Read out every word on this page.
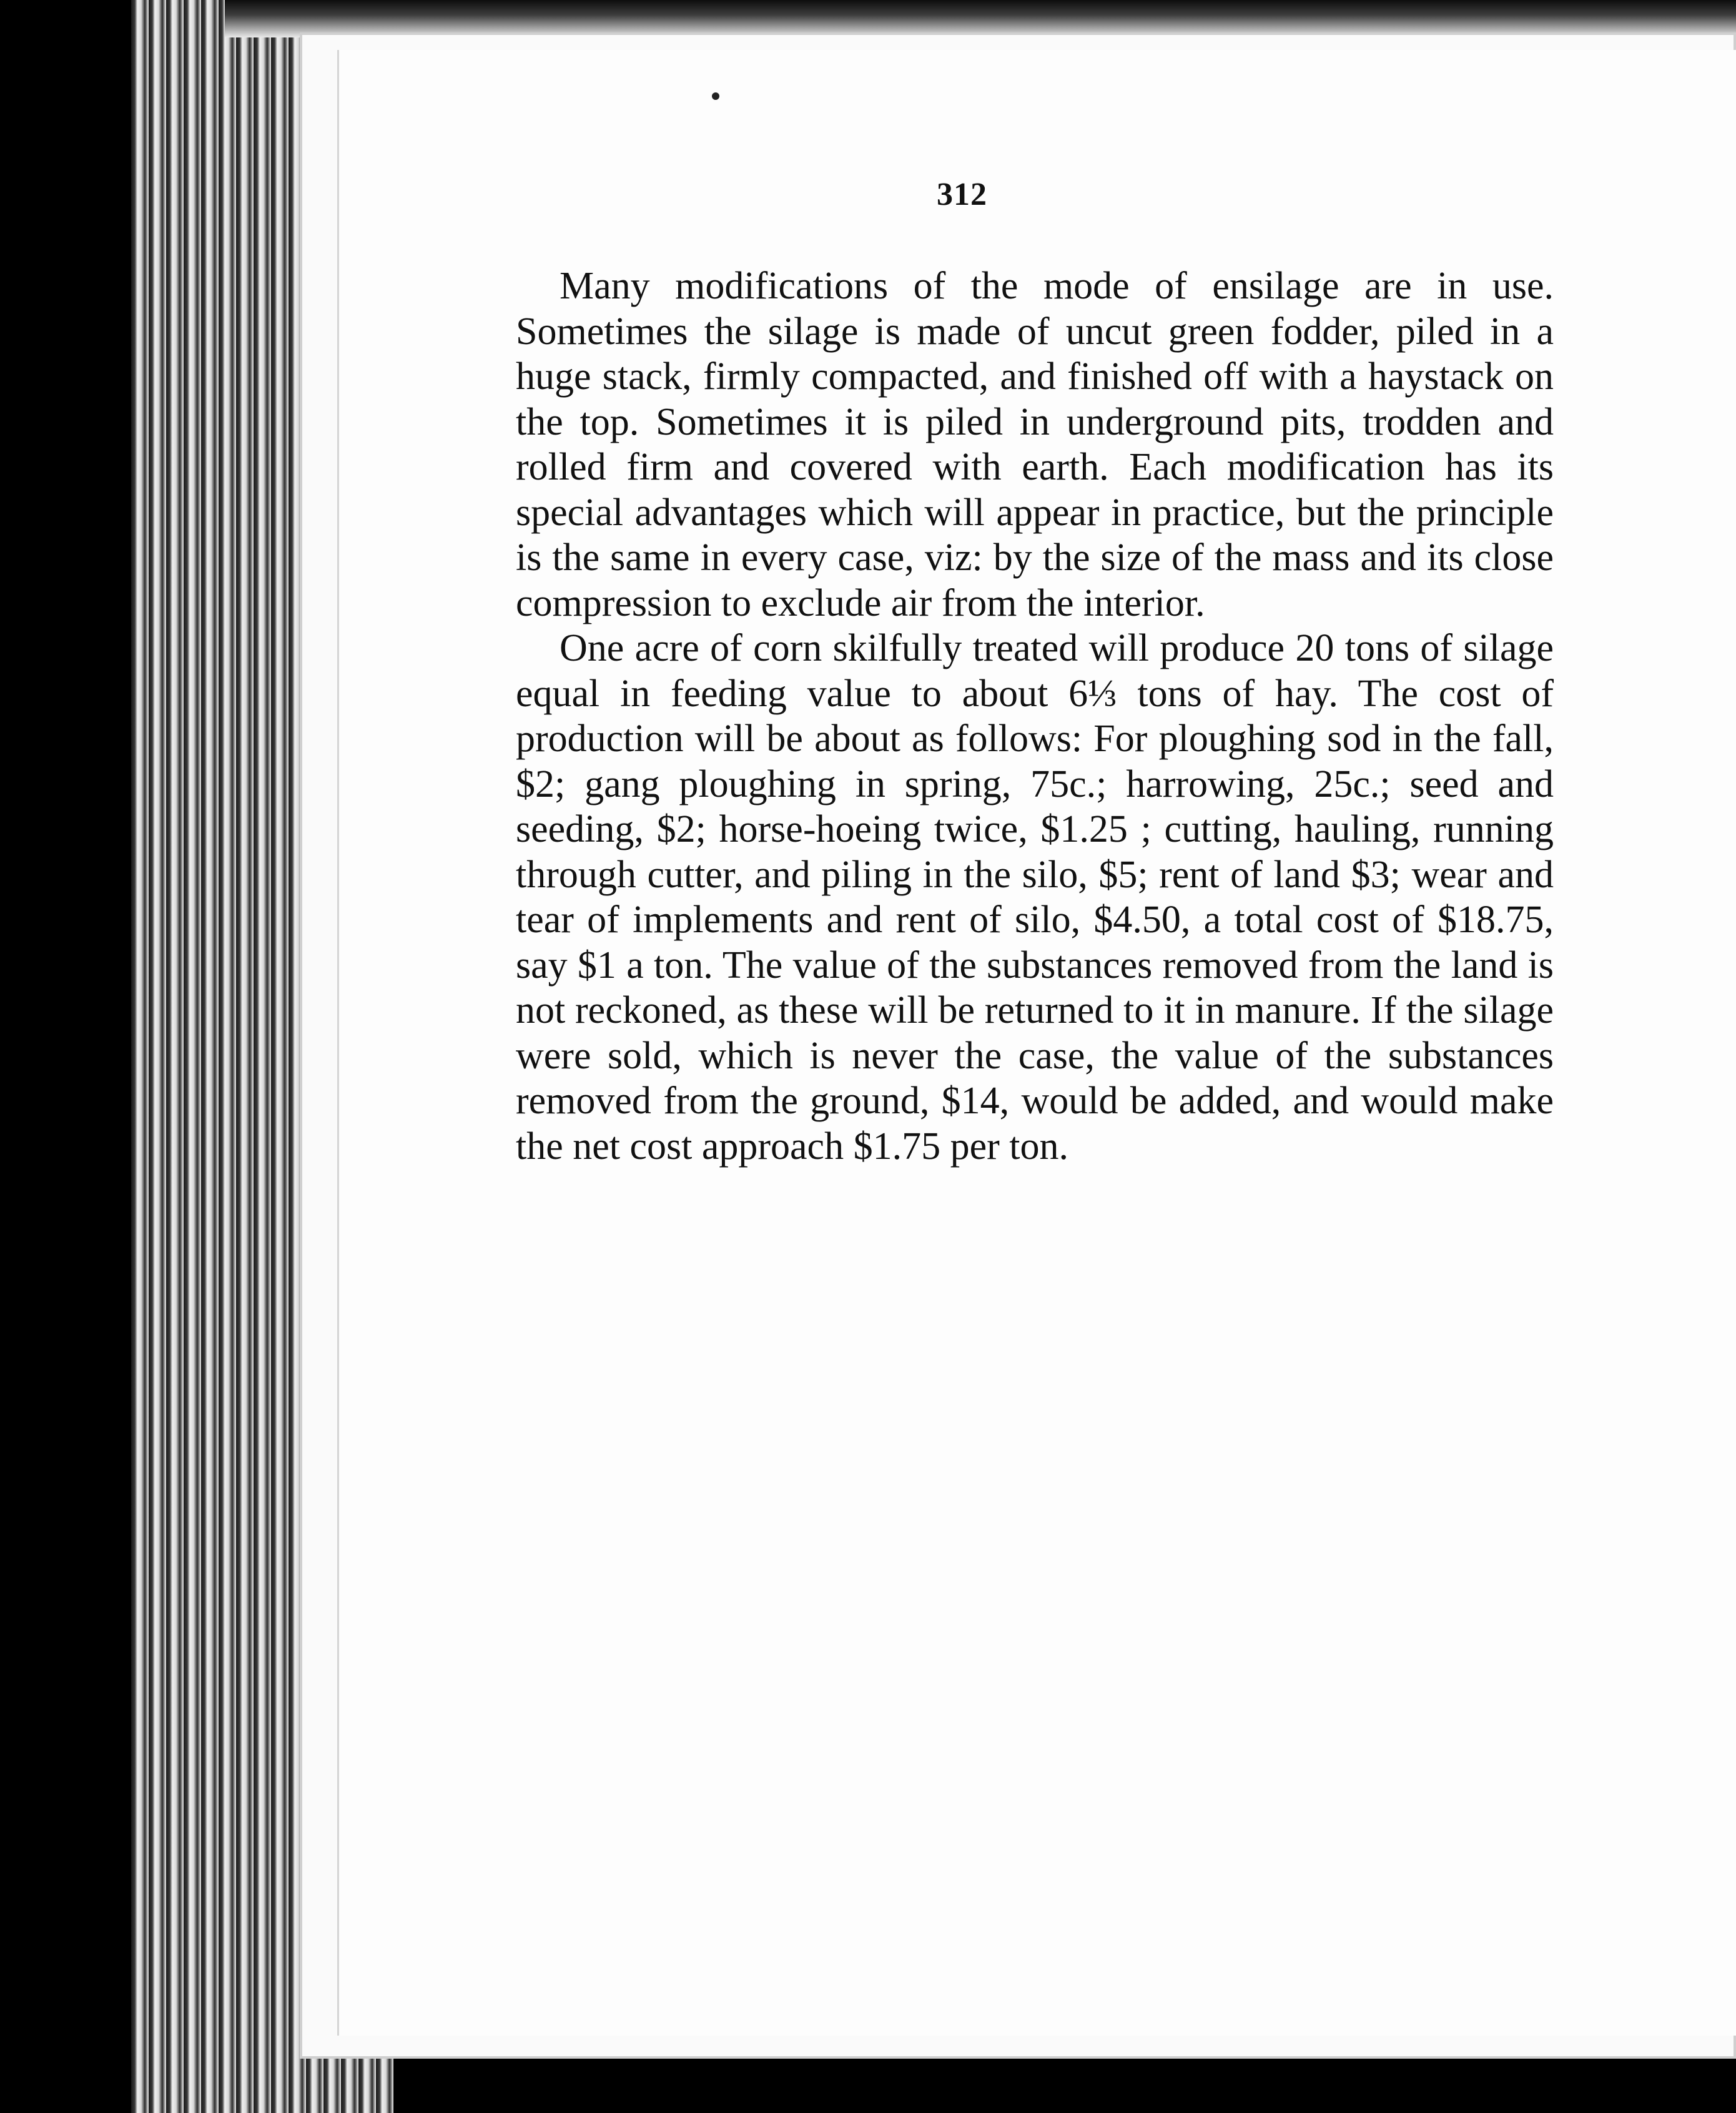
312

Many modifications of the mode of ensilage are in use. Sometimes the silage is made of uncut green fodder, piled in a huge stack, firmly compacted, and finished off with a haystack on the top. Sometimes it is piled in underground pits, trodden and rolled firm and covered with earth. Each modification has its special advantages which will appear in practice, but the principle is the same in every case, viz: by the size of the mass and its close compression to exclude air from the interior.

One acre of corn skilfully treated will produce 20 tons of silage equal in feeding value to about 6⅓ tons of hay. The cost of production will be about as follows: For ploughing sod in the fall, $2; gang ploughing in spring, 75c.; harrowing, 25c.; seed and seeding, $2; horse-hoeing twice, $1.25 ; cutting, hauling, running through cutter, and piling in the silo, $5; rent of land $3; wear and tear of implements and rent of silo, $4.50, a total cost of $18.75, say $1 a ton. The value of the substances removed from the land is not reckoned, as these will be returned to it in manure. If the silage were sold, which is never the case, the value of the substances removed from the ground, $14, would be added, and would make the net cost approach $1.75 per ton.
